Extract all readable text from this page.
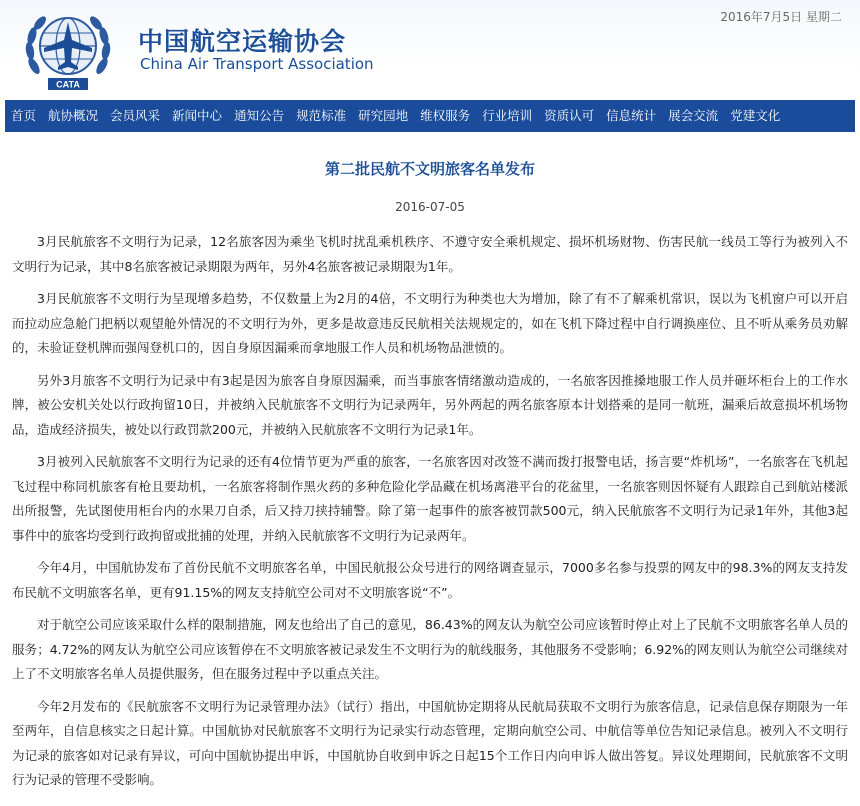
CATA
中国航空运输协会
China Air Transport Association
2016年7月5日 星期二
首页 航协概况 会员风采 新闻中心 通知公告 规范标准 研究园地 维权服务 行业培训 资质认可 信息统计 展会交流 党建文化
第二批民航不文明旅客名单发布
2016-07-05

3月民航旅客不文明行为记录，12名旅客因为乘坐飞机时扰乱乘机秩序、不遵守安全乘机规定、损坏机场财物、伤害民航一线员工等行为被列入不文明行为记录，其中8名旅客被记录期限为两年，另外4名旅客被记录期限为1年。

3月民航旅客不文明行为呈现增多趋势，不仅数量上为2月的4倍，不文明行为种类也大为增加，除了有不了解乘机常识，误以为飞机窗户可以开启而拉动应急舱门把柄以观望舱外情况的不文明行为外，更多是故意违反民航相关法规规定的，如在飞机下降过程中自行调换座位、且不听从乘务员劝解的，未验证登机牌而强闯登机口的，因自身原因漏乘而拿地服工作人员和机场物品泄愤的。

另外3月旅客不文明行为记录中有3起是因为旅客自身原因漏乘，而当事旅客情绪激动造成的，一名旅客因推搡地服工作人员并砸坏柜台上的工作水牌，被公安机关处以行政拘留10日，并被纳入民航旅客不文明行为记录两年，另外两起的两名旅客原本计划搭乘的是同一航班，漏乘后故意损坏机场物品，造成经济损失，被处以行政罚款200元，并被纳入民航旅客不文明行为记录1年。

3月被列入民航旅客不文明行为记录的还有4位情节更为严重的旅客，一名旅客因对改签不满而拨打报警电话，扬言要“炸机场”，一名旅客在飞机起飞过程中称同机旅客有枪且要劫机，一名旅客将制作黑火药的多种危险化学品藏在机场离港平台的花盆里，一名旅客则因怀疑有人跟踪自己到航站楼派出所报警，先试图使用柜台内的水果刀自杀，后又持刀挟持辅警。除了第一起事件的旅客被罚款500元，纳入民航旅客不文明行为记录1年外，其他3起事件中的旅客均受到行政拘留或批捕的处理，并纳入民航旅客不文明行为记录两年。

今年4月，中国航协发布了首份民航不文明旅客名单，中国民航报公众号进行的网络调查显示，7000多名参与投票的网友中的98.3%的网友支持发布民航不文明旅客名单，更有91.15%的网友支持航空公司对不文明旅客说“不”。

对于航空公司应该采取什么样的限制措施，网友也给出了自己的意见，86.43%的网友认为航空公司应该暂时停止对上了民航不文明旅客名单人员的服务；4.72%的网友认为航空公司应该暂停在不文明旅客被记录发生不文明行为的航线服务，其他服务不受影响；6.92%的网友则认为航空公司继续对上了不文明旅客名单人员提供服务，但在服务过程中予以重点关注。

今年2月发布的《民航旅客不文明行为记录管理办法》（试行）指出，中国航协定期将从民航局获取不文明行为旅客信息，记录信息保存期限为一年至两年，自信息核实之日起计算。中国航协对民航旅客不文明行为记录实行动态管理，定期向航空公司、中航信等单位告知记录信息。被列入不文明行为记录的旅客如对记录有异议，可向中国航协提出申诉，中国航协自收到申诉之日起15个工作日内向申诉人做出答复。异议处理期间，民航旅客不文明行为记录的管理不受影响。
